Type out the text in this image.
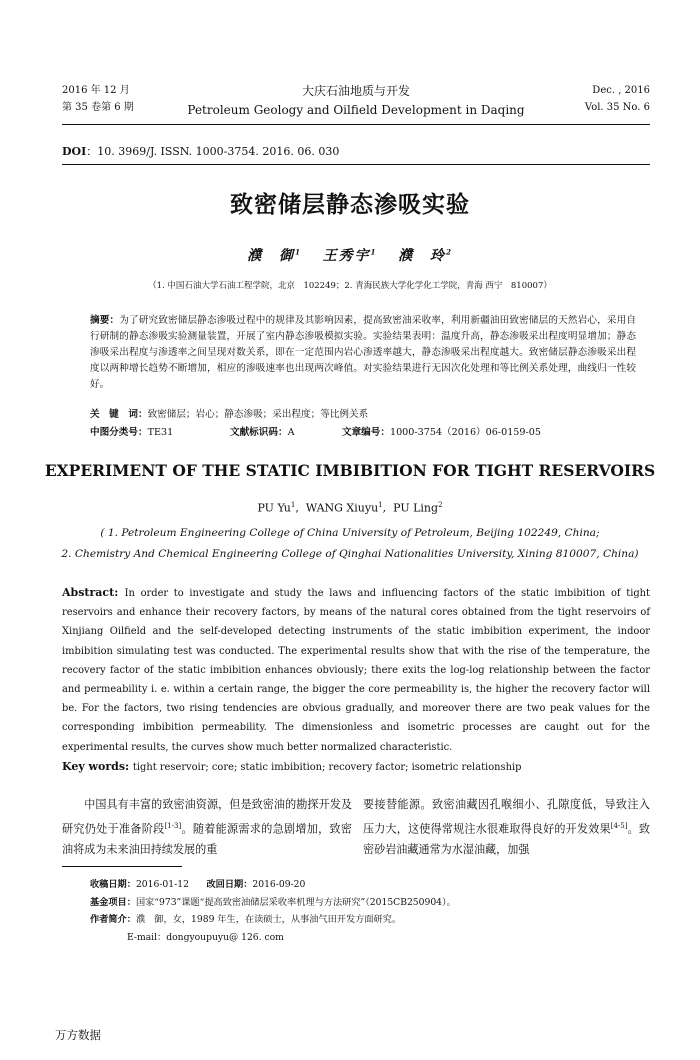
2016 年 12 月
第 35 卷第 6 期
大庆石油地质与开发
Petroleum Geology and Oilfield Development in Daqing
Dec. , 2016
Vol. 35 No. 6
DOI：10. 3969/J. ISSN. 1000-3754. 2016. 06. 030
致密储层静态渗吸实验
濮　御$^1$ 王秀宇$^1$ 濮　玲$^2$
（1. 中国石油大学石油工程学院，北京　102249；2. 青海民族大学化学化工学院，青海 西宁　810007）
摘要：为了研究致密储层静态渗吸过程中的规律及其影响因素，提高致密油采收率，利用新疆油田致密储层的天然岩心，采用自行研制的静态渗吸实验测量装置，开展了室内静态渗吸模拟实验。实验结果表明：温度升高，静态渗吸采出程度明显增加；静态渗吸采出程度与渗透率之间呈现对数关系，即在一定范围内岩心渗透率越大，静态渗吸采出程度越大。致密储层静态渗吸采出程度以两种增长趋势不断增加，相应的渗吸速率也出现两次峰值。对实验结果进行无因次化处理和等比例关系处理，曲线归一性较好。
关　键　词：致密储层；岩心；静态渗吸；采出程度；等比例关系
中图分类号：TE31	文献标识码：A	文章编号：1000-3754（2016）06-0159-05
EXPERIMENT OF THE STATIC IMBIBITION FOR TIGHT RESERVOIRS
PU Yu$^1$,  WANG Xiuyu$^1$,  PU Ling$^2$
( 1. Petroleum Engineering College of China University of Petroleum, Beijing 102249, China;
2. Chemistry And Chemical Engineering College of Qinghai Nationalities University, Xining 810007, China)
Abstract: In order to investigate and study the laws and influencing factors of the static imbibition of tight reservoirs and enhance their recovery factors, by means of the natural cores obtained from the tight reservoirs of Xinjiang Oilfield and the self-developed detecting instruments of the static imbibition experiment, the indoor imbibition simulating test was conducted. The experimental results show that with the rise of the temperature, the recovery factor of the static imbibition enhances obviously; there exits the log-log relationship between the factor and permeability i. e. within a certain range, the bigger the core permeability is, the higher the recovery factor will be. For the factors, two rising tendencies are obvious gradually, and moreover there are two peak values for the corresponding imbibition permeability. The dimensionless and isometric processes are caught out for the experimental results, the curves show much better normalized characteristic.
Key words: tight reservoir; core; static imbibition; recovery factor; isometric relationship
中国具有丰富的致密油资源，但是致密油的勘探开发及研究仍处于准备阶段[1-3]。随着能源需求的急剧增加，致密油将成为未来油田持续发展的重
要接替能源。致密油藏因孔喉细小、孔隙度低，导致注入压力大，这使得常规注水很难取得良好的开发效果[4-5]。致密砂岩油藏通常为水湿油藏，加强
收稿日期：2016-01-12 改回日期：2016-09-20
基金项目：国家“973”课题“提高致密油储层采收率机理与方法研究”（2015CB250904）。
作者简介：濮　御，女，1989 年生，在读硕士，从事油气田开发方面研究。
E-mail：dongyoupuyu@ 126. com
万方数据
